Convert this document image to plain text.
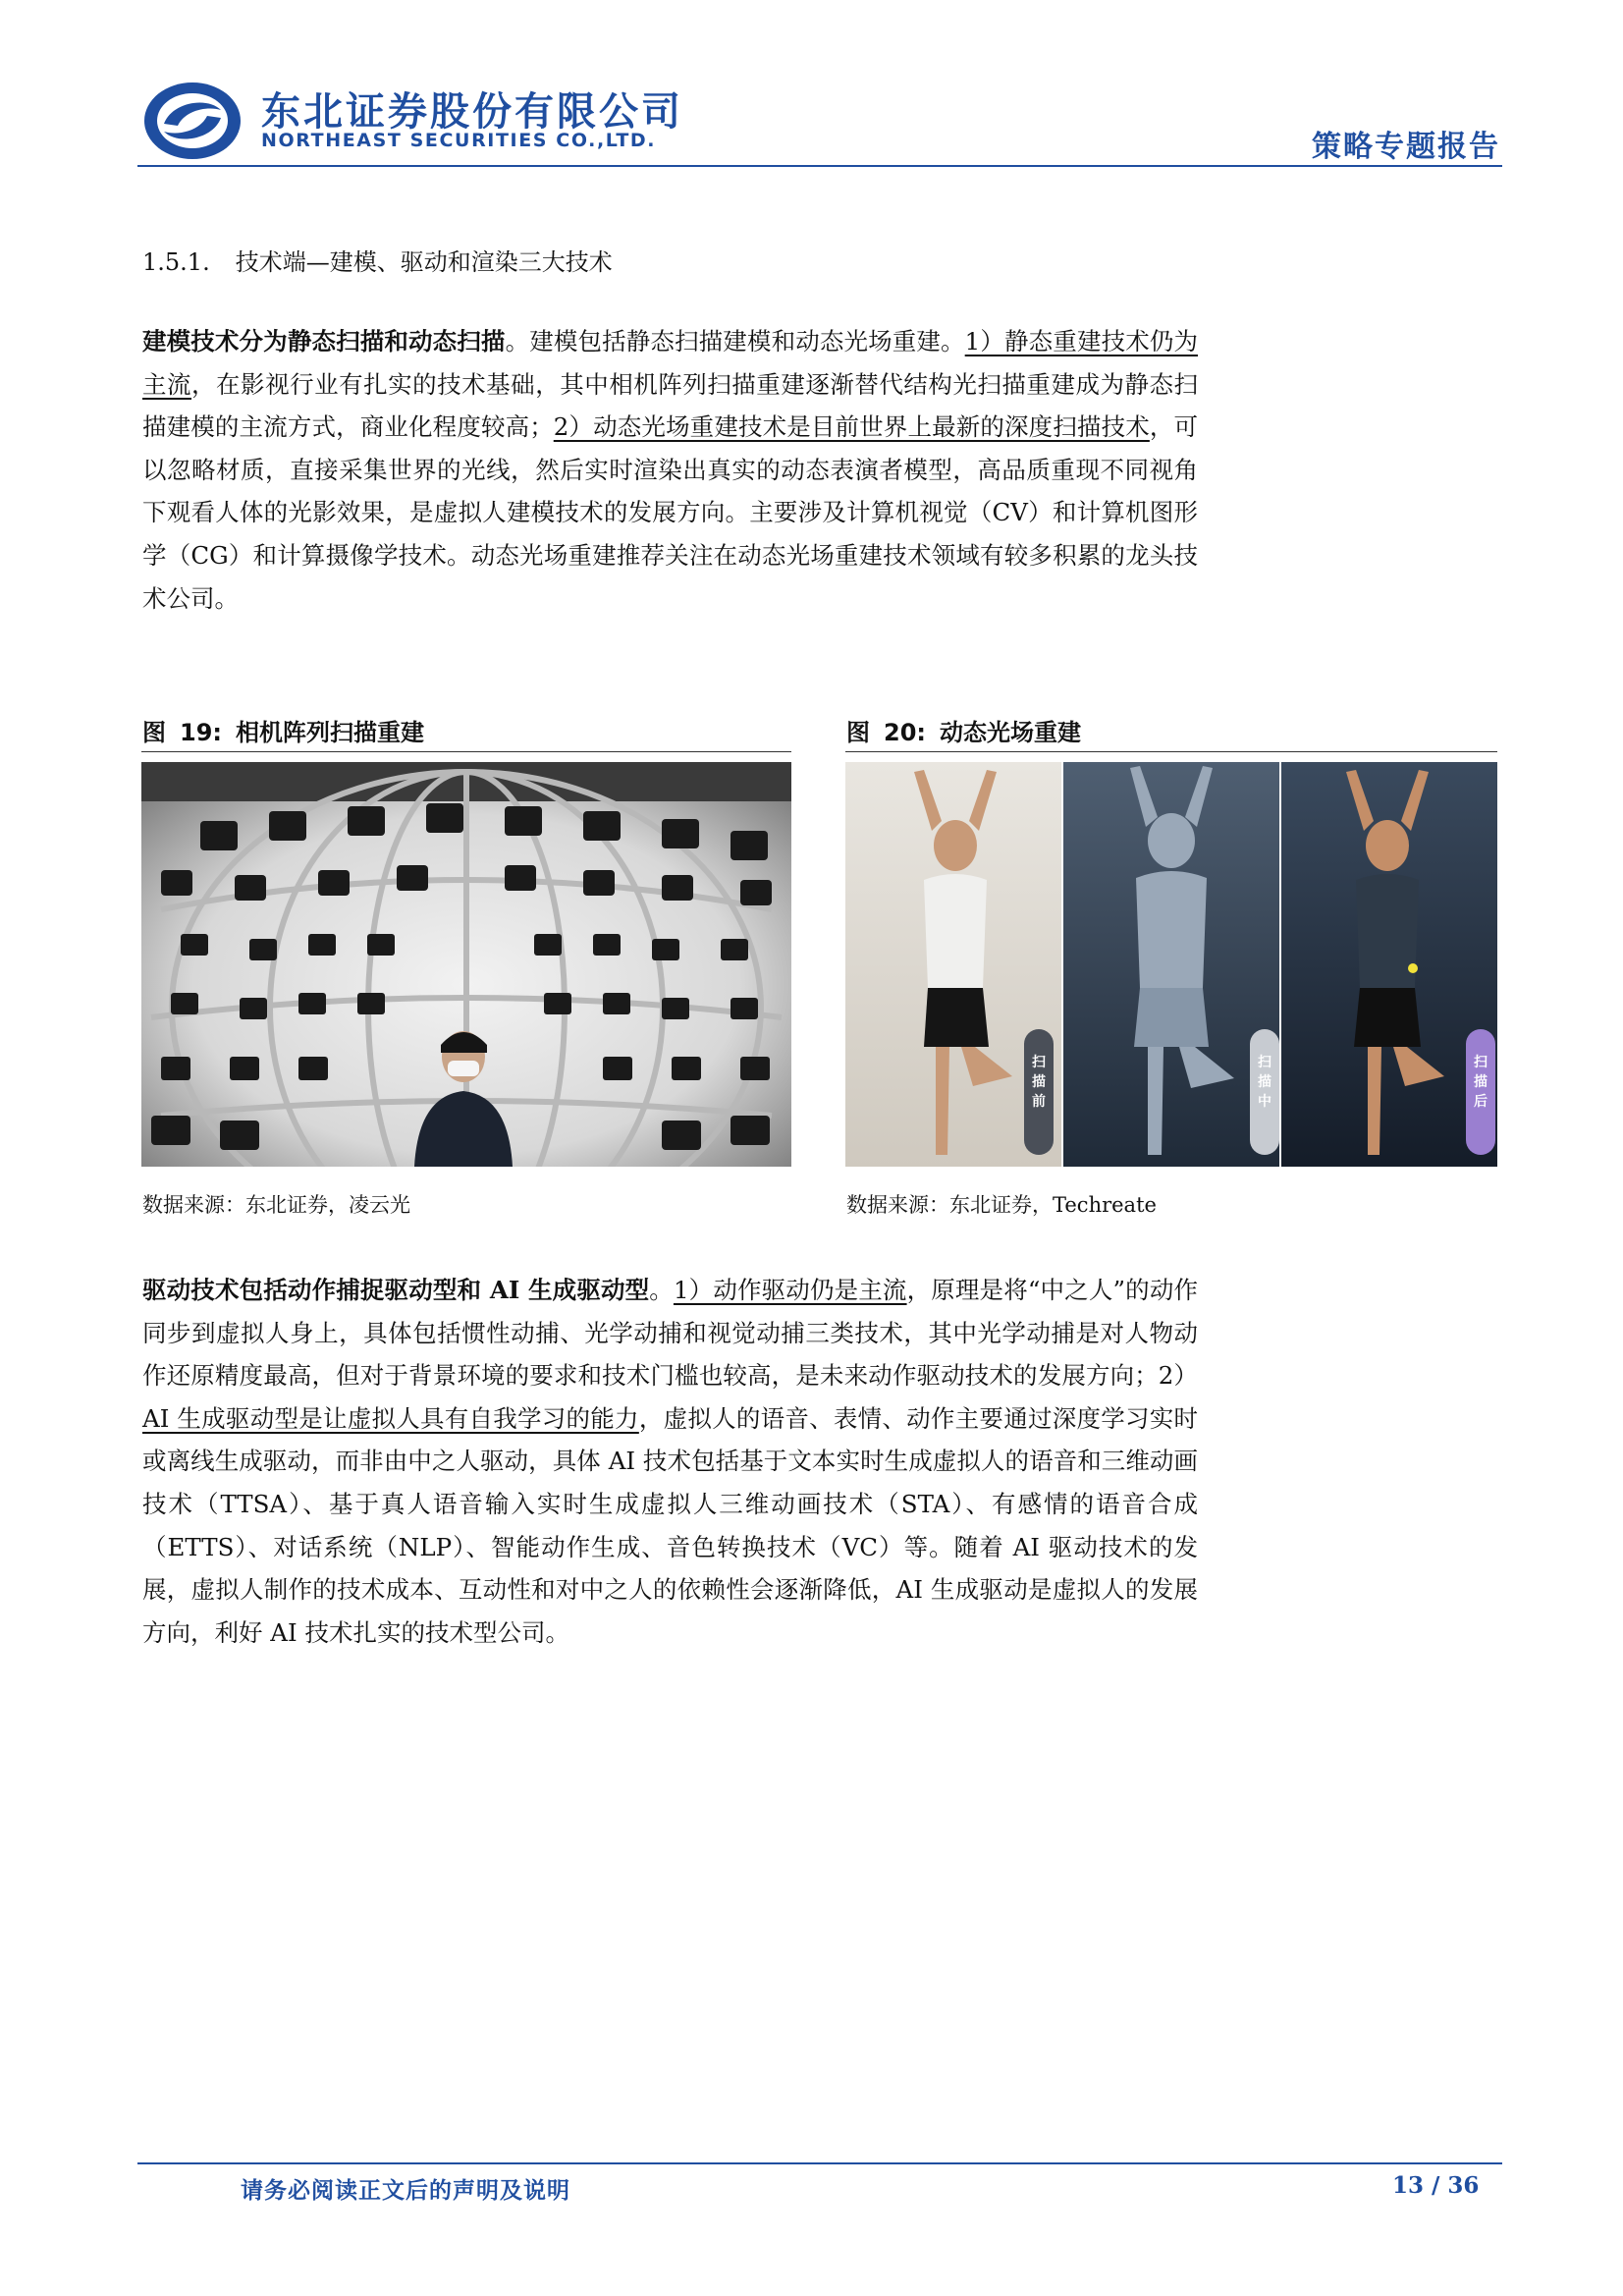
东北证券股份有限公司
NORTHEAST SECURITIES CO.,LTD.	策略专题报告
1.5.1. 技术端—建模、驱动和渲染三大技术
建模技术分为静态扫描和动态扫描。建模包括静态扫描建模和动态光场重建。1）静态重建技术仍为主流，在影视行业有扎实的技术基础，其中相机阵列扫描重建逐渐替代结构光扫描重建成为静态扫描建模的主流方式，商业化程度较高；2）动态光场重建技术是目前世界上最新的深度扫描技术，可以忽略材质，直接采集世界的光线，然后实时渲染出真实的动态表演者模型，高品质重现不同视角下观看人体的光影效果，是虚拟人建模技术的发展方向。主要涉及计算机视觉（CV）和计算机图形学（CG）和计算摄像学技术。动态光场重建推荐关注在动态光场重建技术领域有较多积累的龙头技术公司。
图 19: 相机阵列扫描重建
数据来源：东北证券，凌云光
图 20: 动态光场重建
扫
描
前
扫
描
中
扫
描
后
数据来源：东北证券，Techreate
驱动技术包括动作捕捉驱动型和 AI 生成驱动型。1）动作驱动仍是主流，原理是将“中之人”的动作同步到虚拟人身上，具体包括惯性动捕、光学动捕和视觉动捕三类技术，其中光学动捕是对人物动作还原精度最高，但对于背景环境的要求和技术门槛也较高，是未来动作驱动技术的发展方向；2）AI 生成驱动型是让虚拟人具有自我学习的能力，虚拟人的语音、表情、动作主要通过深度学习实时或离线生成驱动，而非由中之人驱动，具体 AI 技术包括基于文本实时生成虚拟人的语音和三维动画技术（TTSA）、基于真人语音输入实时生成虚拟人三维动画技术（STA）、有感情的语音合成（ETTS）、对话系统（NLP）、智能动作生成、音色转换技术（VC）等。随着 AI 驱动技术的发展，虚拟人制作的技术成本、互动性和对中之人的依赖性会逐渐降低，AI 生成驱动是虚拟人的发展方向，利好 AI 技术扎实的技术型公司。
请务必阅读正文后的声明及说明	13 / 36
